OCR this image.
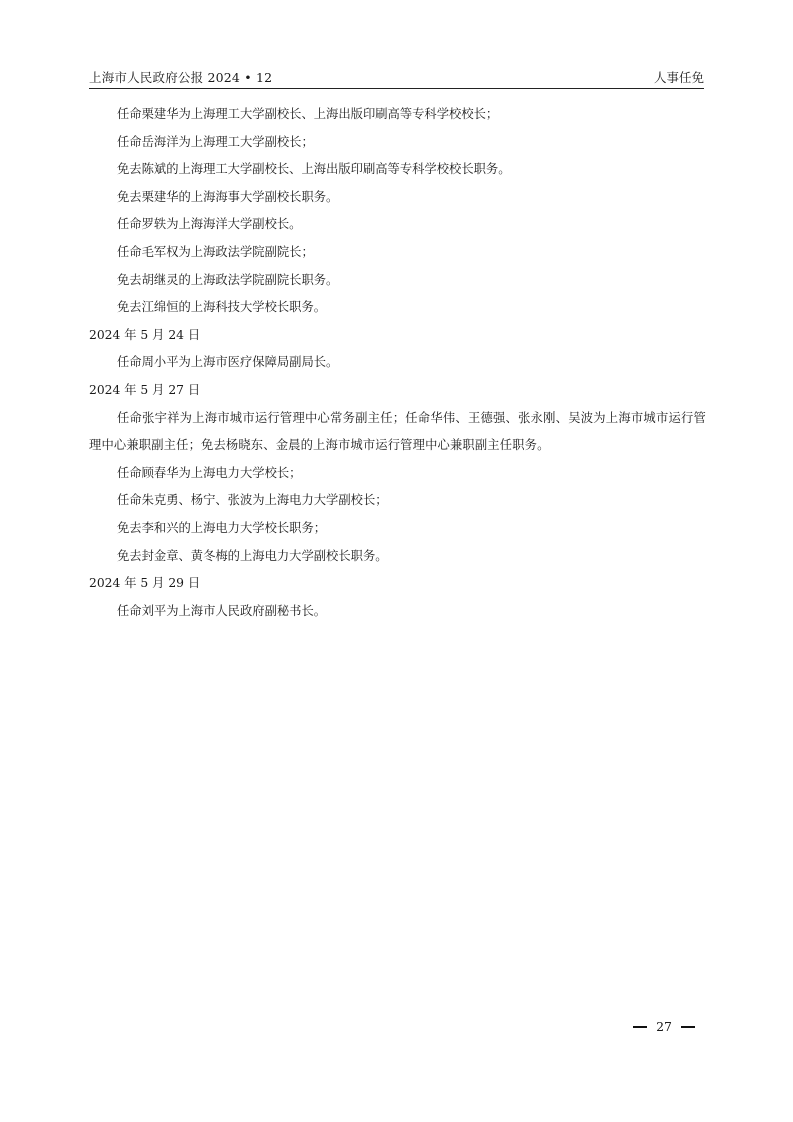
上海市人民政府公报 2024 • 12	人事任免
任命栗建华为上海理工大学副校长、上海出版印刷高等专科学校校长；
任命岳海洋为上海理工大学副校长；
免去陈斌的上海理工大学副校长、上海出版印刷高等专科学校校长职务。
免去栗建华的上海海事大学副校长职务。
任命罗轶为上海海洋大学副校长。
任命毛军权为上海政法学院副院长；
免去胡继灵的上海政法学院副院长职务。
免去江绵恒的上海科技大学校长职务。
2024 年 5 月 24 日
任命周小平为上海市医疗保障局副局长。
2024 年 5 月 27 日
任命张宇祥为上海市城市运行管理中心常务副主任；任命华伟、王德强、张永刚、吴波为上海市城市运行管理中心兼职副主任；免去杨晓东、金晨的上海市城市运行管理中心兼职副主任职务。
任命顾春华为上海电力大学校长；
任命朱克勇、杨宁、张波为上海电力大学副校长；
免去李和兴的上海电力大学校长职务；
免去封金章、黄冬梅的上海电力大学副校长职务。
2024 年 5 月 29 日
任命刘平为上海市人民政府副秘书长。
27
